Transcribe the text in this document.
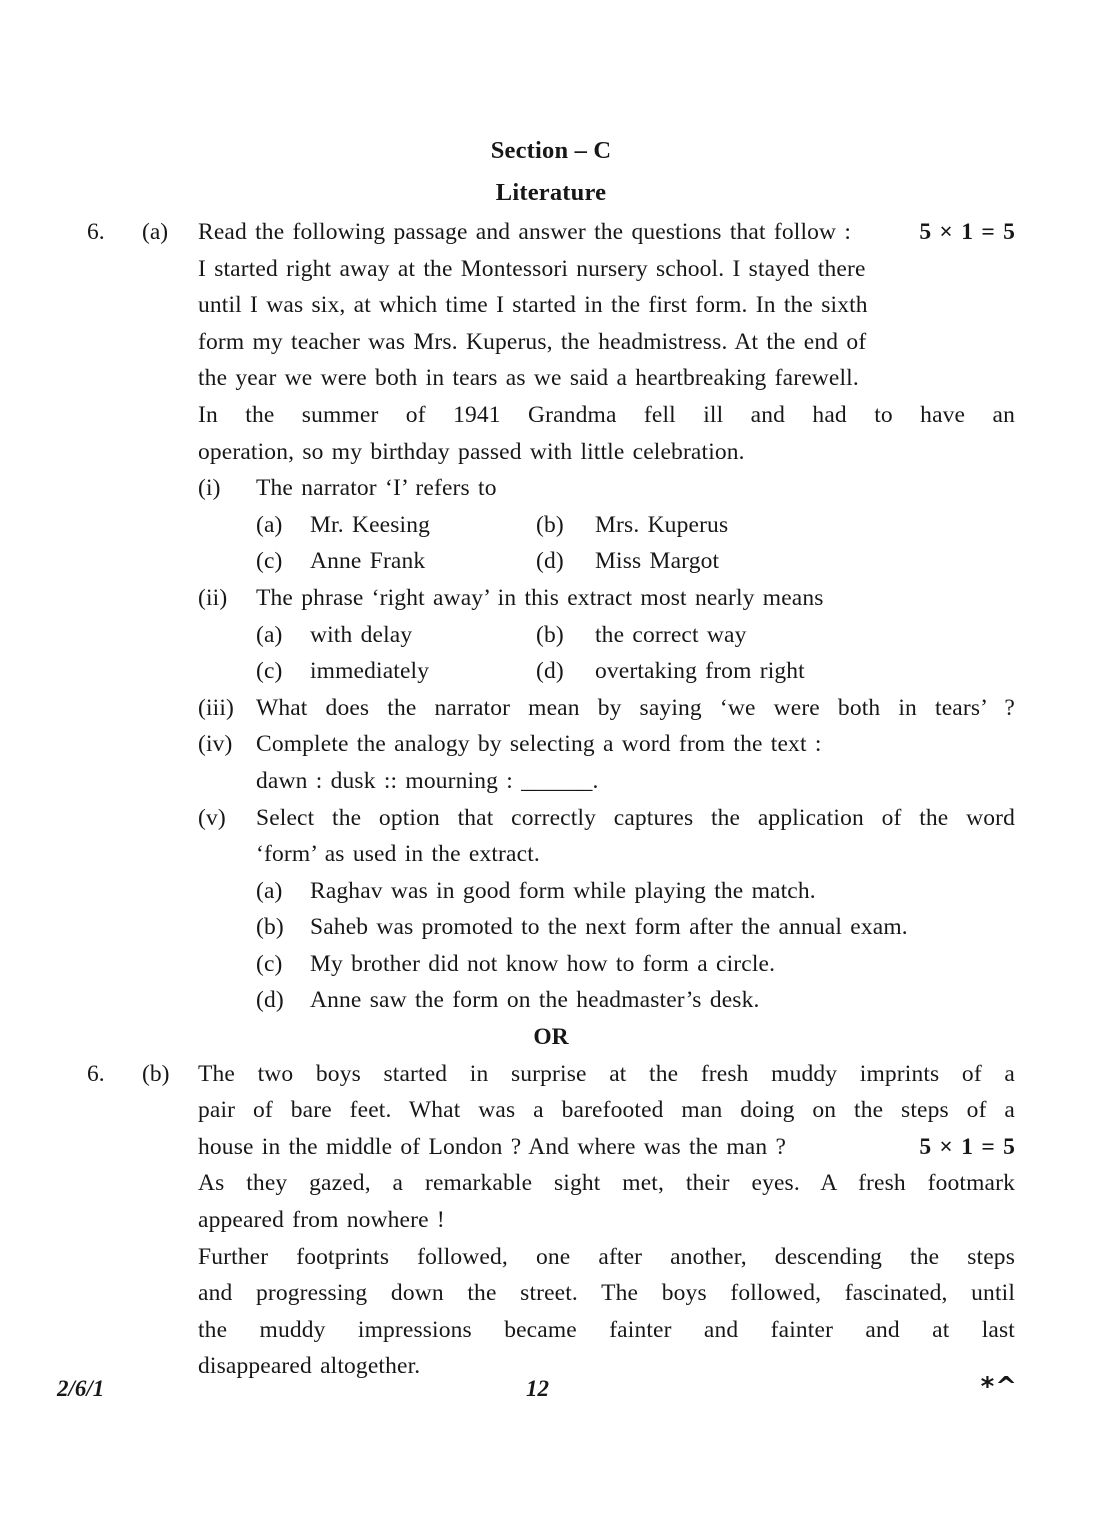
Section – C
Literature
6.	(a)	Read the following passage and answer the questions that follow :	5 × 1 = 5
I started right away at the Montessori nursery school. I stayed there
until I was six, at which time I started in the first form. In the sixth
form my teacher was Mrs. Kuperus, the headmistress. At the end of
the year we were both in tears as we said a heartbreaking farewell.
In the summer of 1941 Grandma fell ill and had to have an
operation, so my birthday passed with little celebration.
(i)	The narrator ‘I’ refers to
(a)	Mr. Keesing	(b)	Mrs. Kuperus
(c)	Anne Frank	(d)	Miss Margot
(ii)	The phrase ‘right away’ in this extract most nearly means
(a)	with delay	(b)	the correct way
(c)	immediately	(d)	overtaking from right
(iii) What does the narrator mean by saying ‘we were both in tears’ ?
(iv) Complete the analogy by selecting a word from the text :
dawn : dusk :: mourning : ______.
(v)	Select the option that correctly captures the application of the word
‘form’ as used in the extract.
(a)	Raghav was in good form while playing the match.
(b)	Saheb was promoted to the next form after the annual exam.
(c)	My brother did not know how to form a circle.
(d)	Anne saw the form on the headmaster’s desk.
OR
6.	(b)	The two boys started in surprise at the fresh muddy imprints of a
pair of bare feet. What was a barefooted man doing on the steps of a
house in the middle of London ? And where was the man ?	5 × 1 = 5
As they gazed, a remarkable sight met, their eyes. A fresh footmark
appeared from nowhere !
Further footprints followed, one after another, descending the steps
and progressing down the street. The boys followed, fascinated, until
the muddy impressions became fainter and fainter and at last
disappeared altogether.
2/6/1	12	*^
